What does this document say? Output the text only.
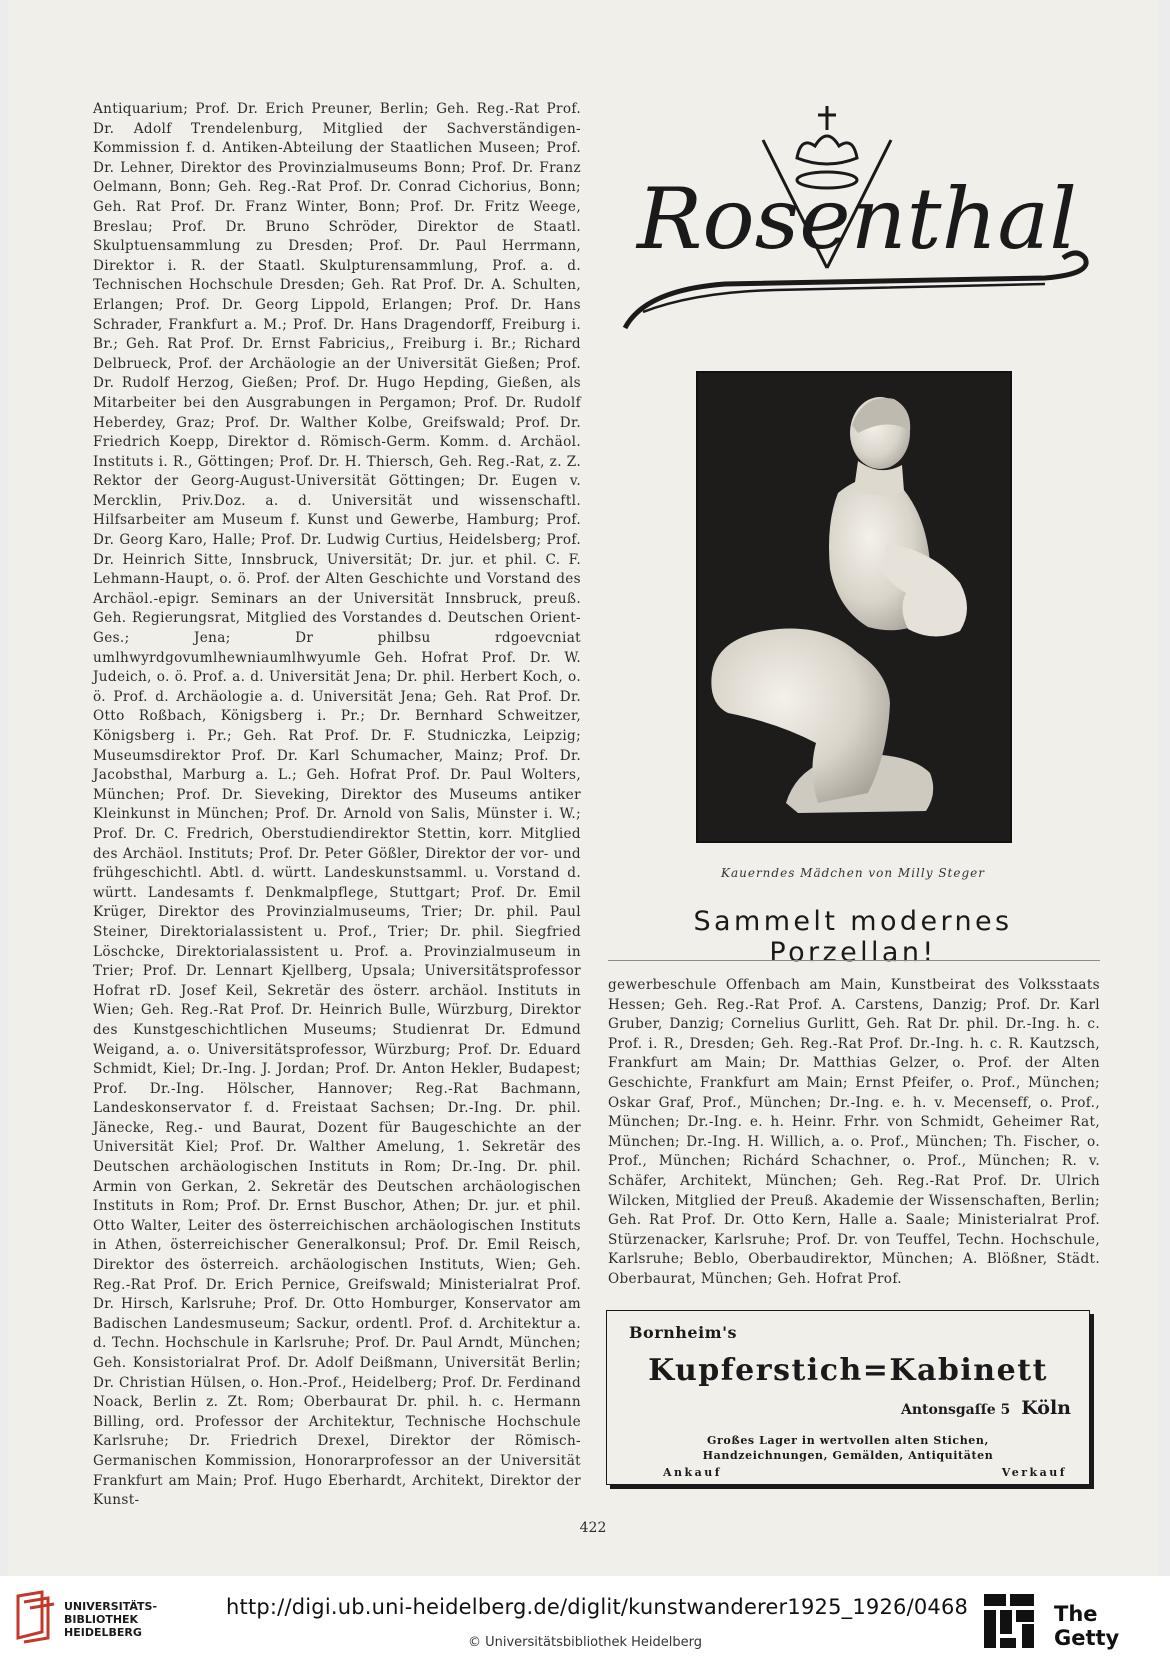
Antiquarium; Prof. Dr. Erich Preuner, Berlin; Geh. Reg.-Rat Prof. Dr. Adolf Trendelenburg, Mitglied der Sachverständigen-Kommission f. d. Antiken-Abteilung der Staatlichen Museen; Prof. Dr. Lehner, Direktor des Provinzialmuseums Bonn; Prof. Dr. Franz Oelmann, Bonn; Geh. Reg.-Rat Prof. Dr. Conrad Cichorius, Bonn; Geh. Rat Prof. Dr. Franz Winter, Bonn; Prof. Dr. Fritz Weege, Breslau; Prof. Dr. Bruno Schröder, Direktor de Staatl. Skulptuensammlung zu Dresden; Prof. Dr. Paul Herrmann, Direktor i. R. der Staatl. Skulpturensammlung, Prof. a. d. Technischen Hochschule Dresden; Geh. Rat Prof. Dr. A. Schulten, Erlangen; Prof. Dr. Georg Lippold, Erlangen; Prof. Dr. Hans Schrader, Frankfurt a. M.; Prof. Dr. Hans Dragendorff, Freiburg i. Br.; Geh. Rat Prof. Dr. Ernst Fabricius,, Freiburg i. Br.; Richard Delbrueck, Prof. der Archäologie an der Universität Gießen; Prof. Dr. Rudolf Herzog, Gießen; Prof. Dr. Hugo Hepding, Gießen, als Mitarbeiter bei den Ausgrabungen in Pergamon; Prof. Dr. Rudolf Heberdey, Graz; Prof. Dr. Walther Kolbe, Greifswald; Prof. Dr. Friedrich Koepp, Direktor d. Römisch-Germ. Komm. d. Archäol. Instituts i. R., Göttingen; Prof. Dr. H. Thiersch, Geh. Reg.-Rat, z. Z. Rektor der Georg-August-Universität Göttingen; Dr. Eugen v. Mercklin, Priv.Doz. a. d. Universität und wissenschaftl. Hilfsarbeiter am Museum f. Kunst und Gewerbe, Hamburg; Prof. Dr. Georg Karo, Halle; Prof. Dr. Ludwig Curtius, Heidelsberg; Prof. Dr. Heinrich Sitte, Innsbruck, Universität; Dr. jur. et phil. C. F. Lehmann-Haupt, o. ö. Prof. der Alten Geschichte und Vorstand des Archäol.-epigr. Seminars an der Universität Innsbruck, preuß. Geh. Regierungsrat, Mitglied des Vorstandes d. Deutschen Orient-Ges.; Jena; Dr philbsu rdgoevcniat umlhwyrdgovumlhewniaumlhwyumle Geh. Hofrat Prof. Dr. W. Judeich, o. ö. Prof. a. d. Universität Jena; Dr. phil. Herbert Koch, o. ö. Prof. d. Archäologie a. d. Universität Jena; Geh. Rat Prof. Dr. Otto Roßbach, Königsberg i. Pr.; Dr. Bernhard Schweitzer, Königsberg i. Pr.; Geh. Rat Prof. Dr. F. Studniczka, Leipzig; Museumsdirektor Prof. Dr. Karl Schumacher, Mainz; Prof. Dr. Jacobsthal, Marburg a. L.; Geh. Hofrat Prof. Dr. Paul Wolters, München; Prof. Dr. Sieveking, Direktor des Museums antiker Kleinkunst in München; Prof. Dr. Arnold von Salis, Münster i. W.; Prof. Dr. C. Fredrich, Oberstudiendirektor Stettin, korr. Mitglied des Archäol. Instituts; Prof. Dr. Peter Gößler, Direktor der vor- und frühgeschichtl. Abtl. d. württ. Landeskunstsamml. u. Vorstand d. württ. Landesamts f. Denkmalpflege, Stuttgart; Prof. Dr. Emil Krüger, Direktor des Provinzialmuseums, Trier; Dr. phil. Paul Steiner, Direktorialassistent u. Prof., Trier; Dr. phil. Siegfried Löschcke, Direktorialassistent u. Prof. a. Provinzialmuseum in Trier; Prof. Dr. Lennart Kjellberg, Upsala; Universitätsprofessor Hofrat rD. Josef Keil, Sekretär des österr. archäol. Instituts in Wien; Geh. Reg.-Rat Prof. Dr. Heinrich Bulle, Würzburg, Direktor des Kunstgeschichtlichen Museums; Studienrat Dr. Edmund Weigand, a. o. Universitätsprofessor, Würzburg; Prof. Dr. Eduard Schmidt, Kiel; Dr.-Ing. J. Jordan; Prof. Dr. Anton Hekler, Budapest; Prof. Dr.-Ing. Hölscher, Hannover; Reg.-Rat Bachmann, Landeskonservator f. d. Freistaat Sachsen; Dr.-Ing. Dr. phil. Jänecke, Reg.- und Baurat, Dozent für Baugeschichte an der Universität Kiel; Prof. Dr. Walther Amelung, 1. Sekretär des Deutschen archäologischen Instituts in Rom; Dr.-Ing. Dr. phil. Armin von Gerkan, 2. Sekretär des Deutschen archäologischen Instituts in Rom; Prof. Dr. Ernst Buschor, Athen; Dr. jur. et phil. Otto Walter, Leiter des österreichischen archäologischen Instituts in Athen, österreichischer Generalkonsul; Prof. Dr. Emil Reisch, Direktor des österreich. archäologischen Instituts, Wien; Geh. Reg.-Rat Prof. Dr. Erich Pernice, Greifswald; Ministerialrat Prof. Dr. Hirsch, Karlsruhe; Prof. Dr. Otto Homburger, Konservator am Badischen Landesmuseum; Sackur, ordentl. Prof. d. Architektur a. d. Techn. Hochschule in Karlsruhe; Prof. Dr. Paul Arndt, München; Geh. Konsistorialrat Prof. Dr. Adolf Deißmann, Universität Berlin; Dr. Christian Hülsen, o. Hon.-Prof., Heidelberg; Prof. Dr. Ferdinand Noack, Berlin z. Zt. Rom; Oberbaurat Dr. phil. h. c. Hermann Billing, ord. Professor der Architektur, Technische Hochschule Karlsruhe; Dr. Friedrich Drexel, Direktor der Römisch-Germanischen Kommission, Honorarprofessor an der Universität Frankfurt am Main; Prof. Hugo Eberhardt, Architekt, Direktor der Kunst-
Rosenthal
Kauerndes Mädchen von Milly Steger
Sammelt modernes Porzellan!
gewerbeschule Offenbach am Main, Kunstbeirat des Volksstaats Hessen; Geh. Reg.-Rat Prof. A. Carstens, Danzig; Prof. Dr. Karl Gruber, Danzig; Cornelius Gurlitt, Geh. Rat Dr. phil. Dr.-Ing. h. c. Prof. i. R., Dresden; Geh. Reg.-Rat Prof. Dr.-Ing. h. c. R. Kautzsch, Frankfurt am Main; Dr. Matthias Gelzer, o. Prof. der Alten Geschichte, Frankfurt am Main; Ernst Pfeifer, o. Prof., München; Oskar Graf, Prof., München; Dr.-Ing. e. h. v. Mecenseff, o. Prof., München; Dr.-Ing. e. h. Heinr. Frhr. von Schmidt, Geheimer Rat, München; Dr.-Ing. H. Willich, a. o. Prof., München; Th. Fischer, o. Prof., München; Richárd Schachner, o. Prof., München; R. v. Schäfer, Architekt, München; Geh. Reg.-Rat Prof. Dr. Ulrich Wilcken, Mitglied der Preuß. Akademie der Wissenschaften, Berlin; Geh. Rat Prof. Dr. Otto Kern, Halle a. Saale; Ministerialrat Prof. Stürzenacker, Karlsruhe; Prof. Dr. von Teuffel, Techn. Hochschule, Karlsruhe; Beblo, Oberbaudirektor, München; A. Blößner, Städt. Oberbaurat, München; Geh. Hofrat Prof.
Bornheim's
Kupferstich=Kabinett
Antonsgaſſe 5 Köln
Großes Lager in wertvollen alten Stichen,
Handzeichnungen, Gemälden, Antiquitäten
Ankauf	Verkauf
422
UNIVERSITÄTS-
BIBLIOTHEK
HEIDELBERG
http://digi.ub.uni-heidelberg.de/diglit/kunstwanderer1925_1926/0468
© Universitätsbibliothek Heidelberg
The Getty
